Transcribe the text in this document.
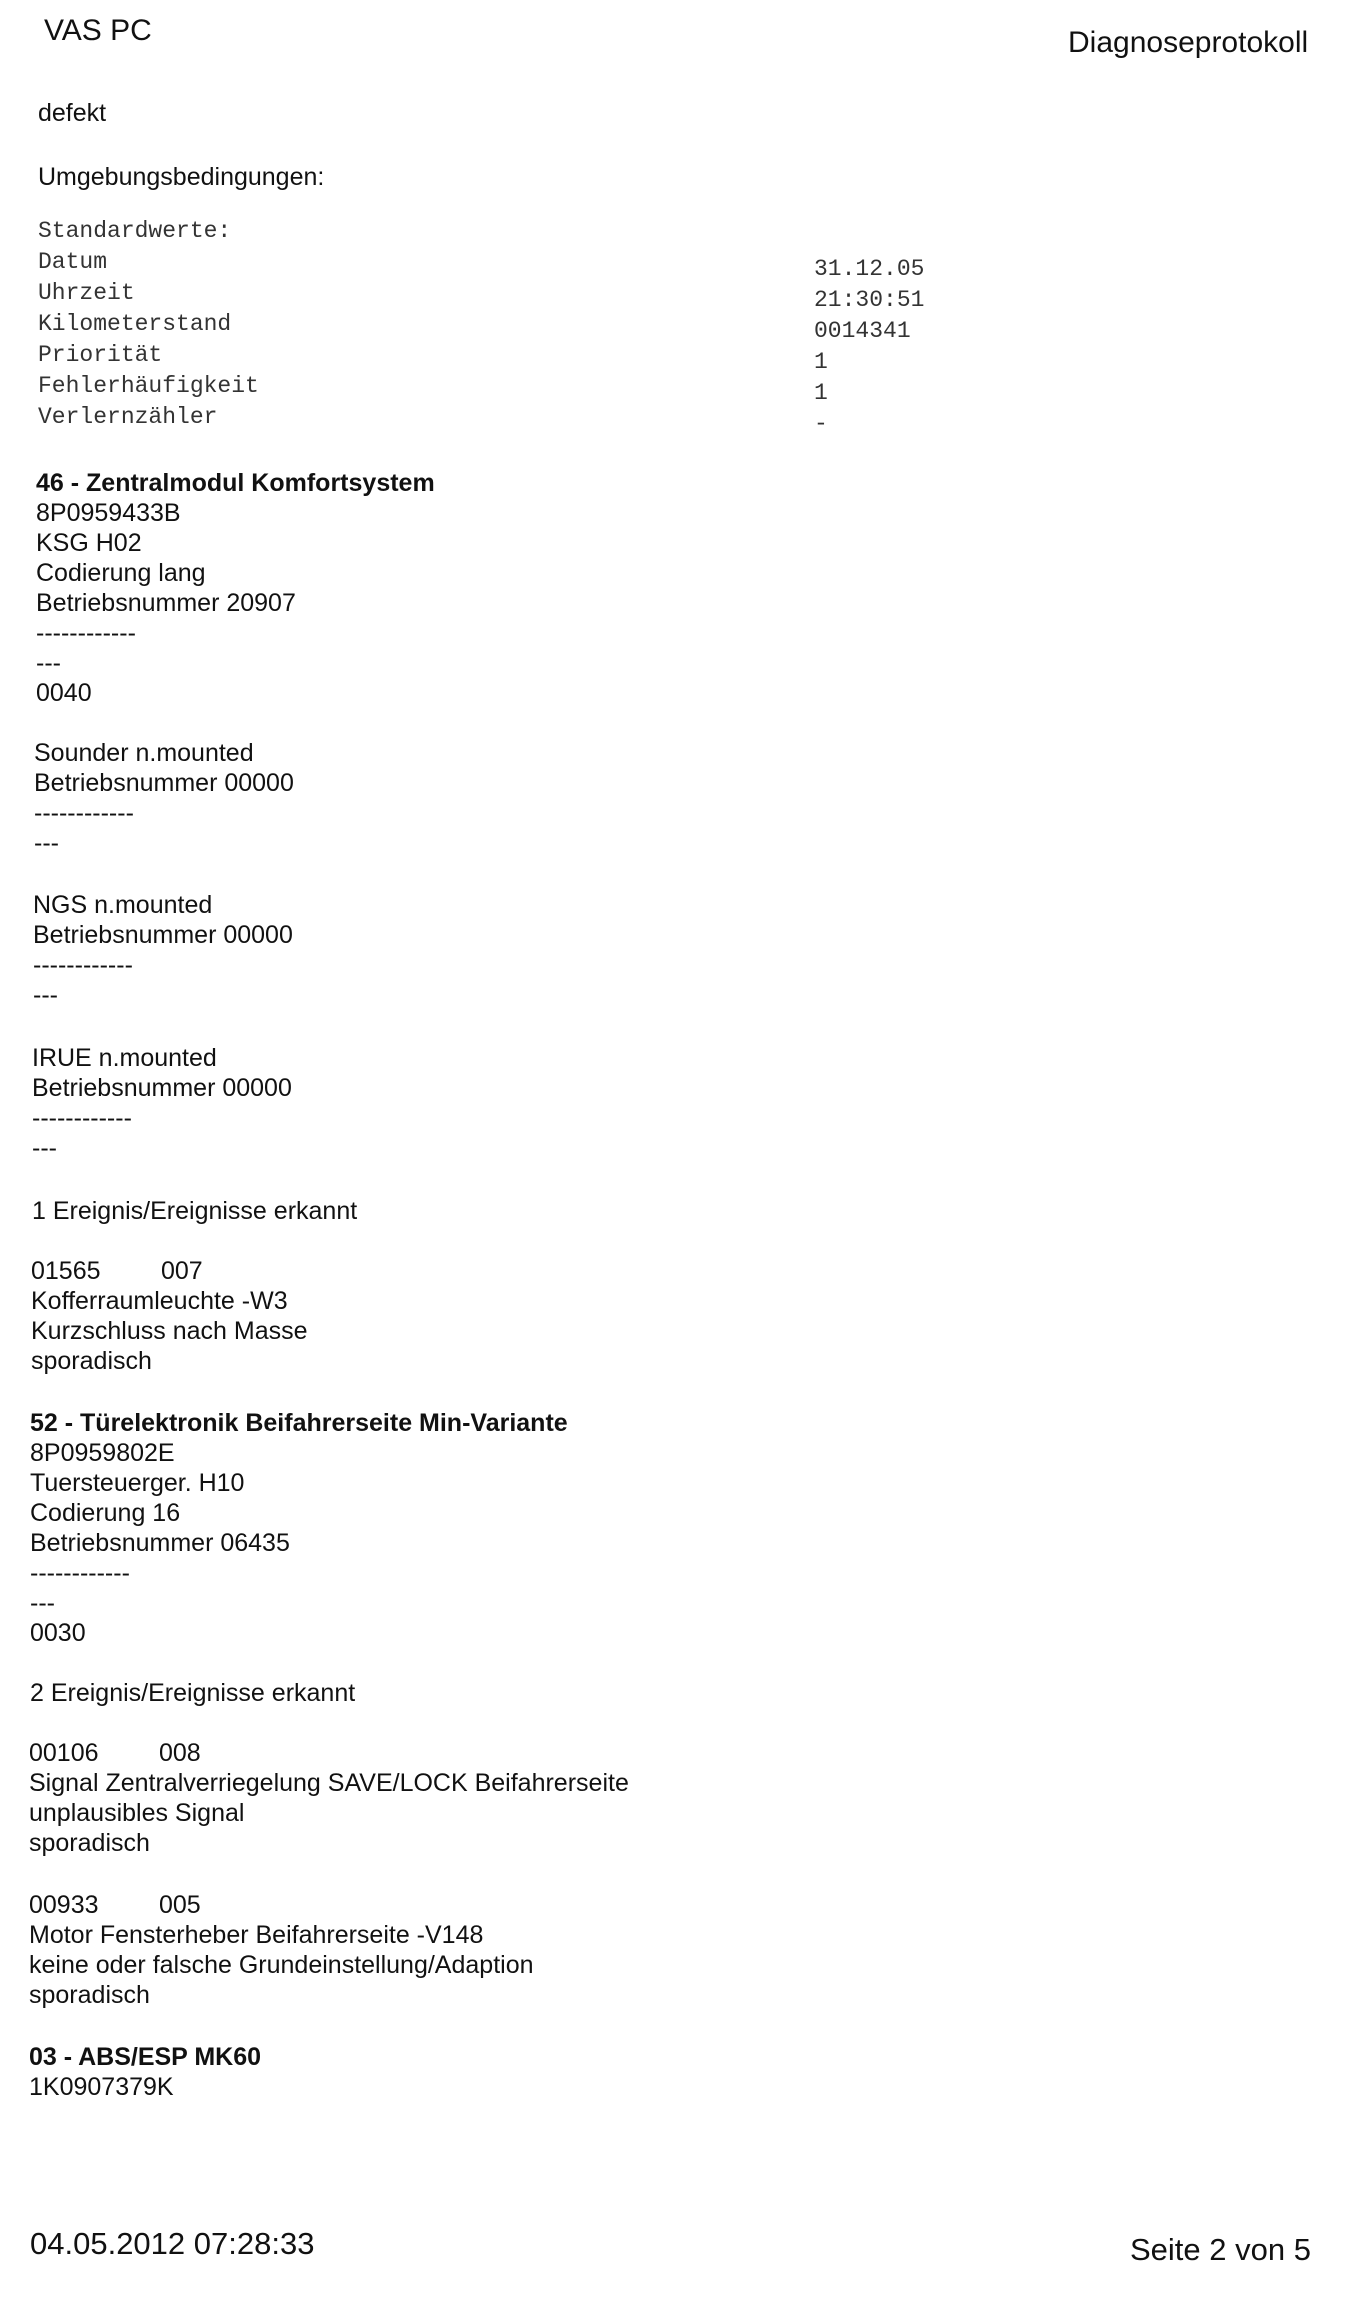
VAS PC	Diagnoseprotokoll
defekt
Umgebungsbedingungen:
Standardwerte:
Datum	31.12.05
Uhrzeit	21:30:51
Kilometerstand	0014341
Priorität	1
Fehlerhäufigkeit	1
Verlernzähler	-
46 - Zentralmodul Komfortsystem
8P0959433B
KSG H02
Codierung lang
Betriebsnummer 20907
------------
---
0040
Sounder n.mounted
Betriebsnummer 00000
------------
---
NGS n.mounted
Betriebsnummer 00000
------------
---
IRUE n.mounted
Betriebsnummer 00000
------------
---
1 Ereignis/Ereignisse erkannt
01565 007
Kofferraumleuchte -W3
Kurzschluss nach Masse
sporadisch
52 - Türelektronik Beifahrerseite Min-Variante
8P0959802E
Tuersteuerger. H10
Codierung 16
Betriebsnummer 06435
------------
---
0030
2 Ereignis/Ereignisse erkannt
00106 008
Signal Zentralverriegelung SAVE/LOCK Beifahrerseite
unplausibles Signal
sporadisch
00933 005
Motor Fensterheber Beifahrerseite -V148
keine oder falsche Grundeinstellung/Adaption
sporadisch
03 - ABS/ESP MK60
1K0907379K
04.05.2012 07:28:33	Seite 2 von 5
